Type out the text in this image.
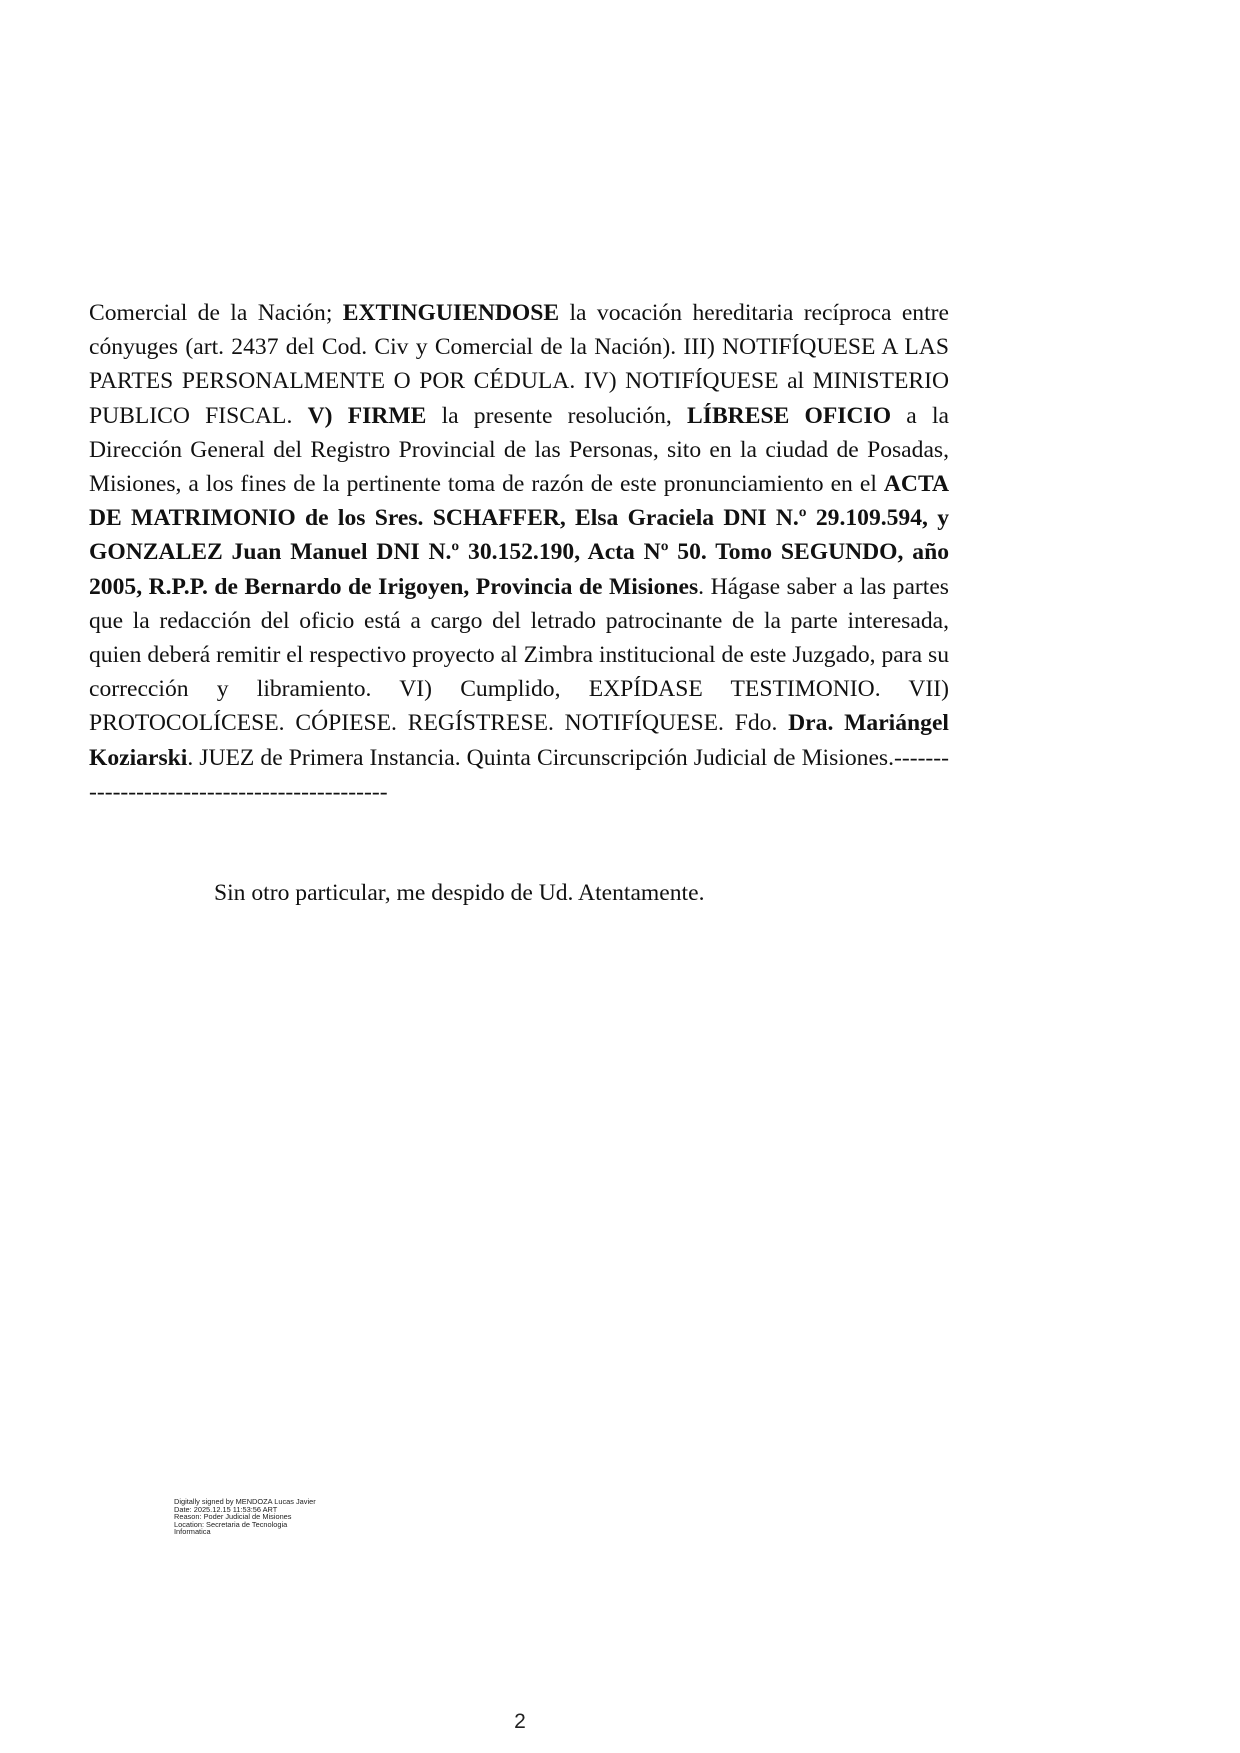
Comercial de la Nación; EXTINGUIENDOSE la vocación hereditaria recíproca entre cónyuges (art. 2437 del Cod. Civ y Comercial de la Nación). III) NOTIFÍQUESE A LAS PARTES PERSONALMENTE O POR CÉDULA. IV) NOTIFÍQUESE al MINISTERIO PUBLICO FISCAL. V) FIRME la presente resolución, LÍBRESE OFICIO a la Dirección General del Registro Provincial de las Personas, sito en la ciudad de Posadas, Misiones, a los fines de la pertinente toma de razón de este pronunciamiento en el ACTA DE MATRIMONIO de los Sres. SCHAFFER, Elsa Graciela DNI N.º 29.109.594, y GONZALEZ Juan Manuel DNI N.º 30.152.190, Acta Nº 50. Tomo SEGUNDO, año 2005, R.P.P. de Bernardo de Irigoyen, Provincia de Misiones. Hágase saber a las partes que la redacción del oficio está a cargo del letrado patrocinante de la parte interesada, quien deberá remitir el respectivo proyecto al Zimbra institucional de este Juzgado, para su corrección y libramiento. VI) Cumplido, EXPÍDASE TESTIMONIO. VII) PROTOCOLÍCESE. CÓPIESE. REGÍSTRESE. NOTIFÍQUESE. Fdo. Dra. Mariángel Koziarski. JUEZ de Primera Instancia. Quinta Circunscripción Judicial de Misiones.---------------------------------------------

Sin otro particular, me despido de Ud. Atentamente.

Digitally signed by MENDOZA Lucas Javier
Date: 2025.12.15 11:53:56 ART
Reason: Poder Judicial de Misiones
Location: Secretaria de Tecnologia
Informatica
2
